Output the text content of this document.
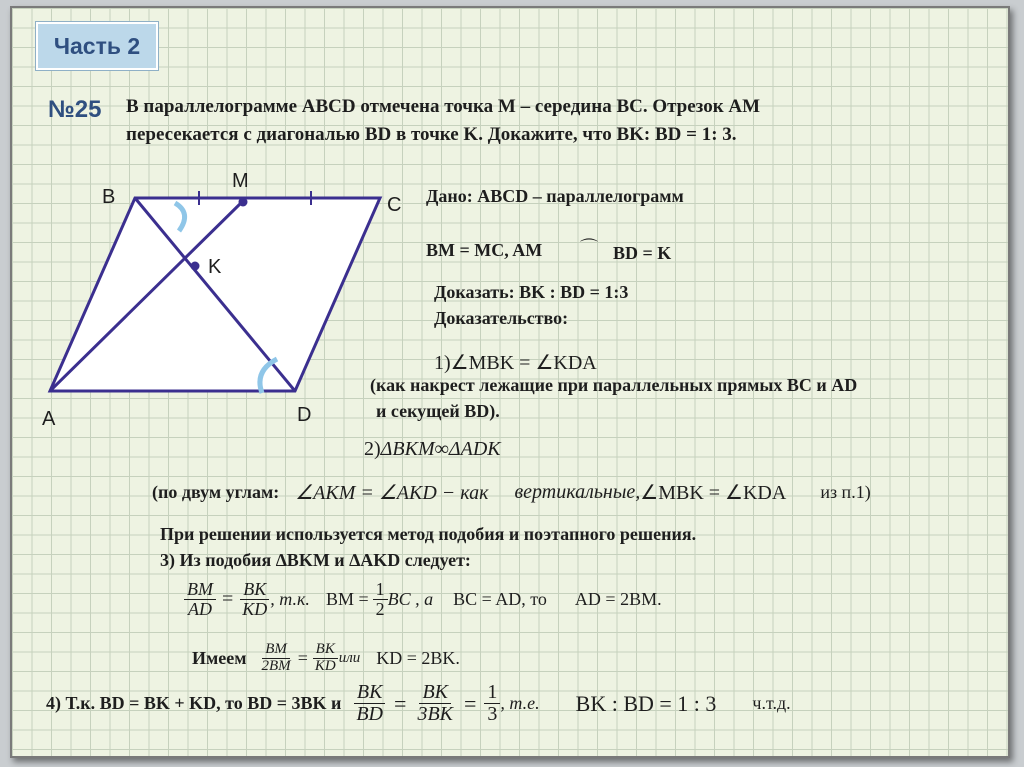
Часть 2
№25 В параллелограмме ABCD отмечена точка М – середина BC. Отрезок AM
пересекается с диагональю BD в точке K. Докажите, что BK: BD = 1: 3.
B
M
C
K
A	D
Дано: ABCD – параллелограмм
BM = MC, AM ⌒ BD = K
Доказать: BK : BD = 1:3
Доказательство:
1)∠MBK = ∠KDA
(как накрест лежащие при параллельных прямых BC и AD
и секущей BD).
2)ΔBKM∞ΔADK
(по двум углам: ∠AKM = ∠AKD − как вертикальные, ∠MBK = ∠KDA из п.1)
При решении используется метод подобия и поэтапного решения.
3) Из подобия ∆BKM и ∆AKD следует:
$\frac{BM}{AD} = \frac{BK}{KD}$ , т.к. BM = $\frac{1}{2}$ BC , a BC = AD, то AD = 2BM.
Имеем $\frac{BM}{2BM} = \frac{BK}{KD}$ или KD = 2BK.
4) Т.к. BD = BK + KD, то BD = 3BK и $\frac{BK}{BD} = \frac{BK}{3BK} = \frac{1}{3}$ , т.е. BK : BD = 1 : 3 ч.т.д.
